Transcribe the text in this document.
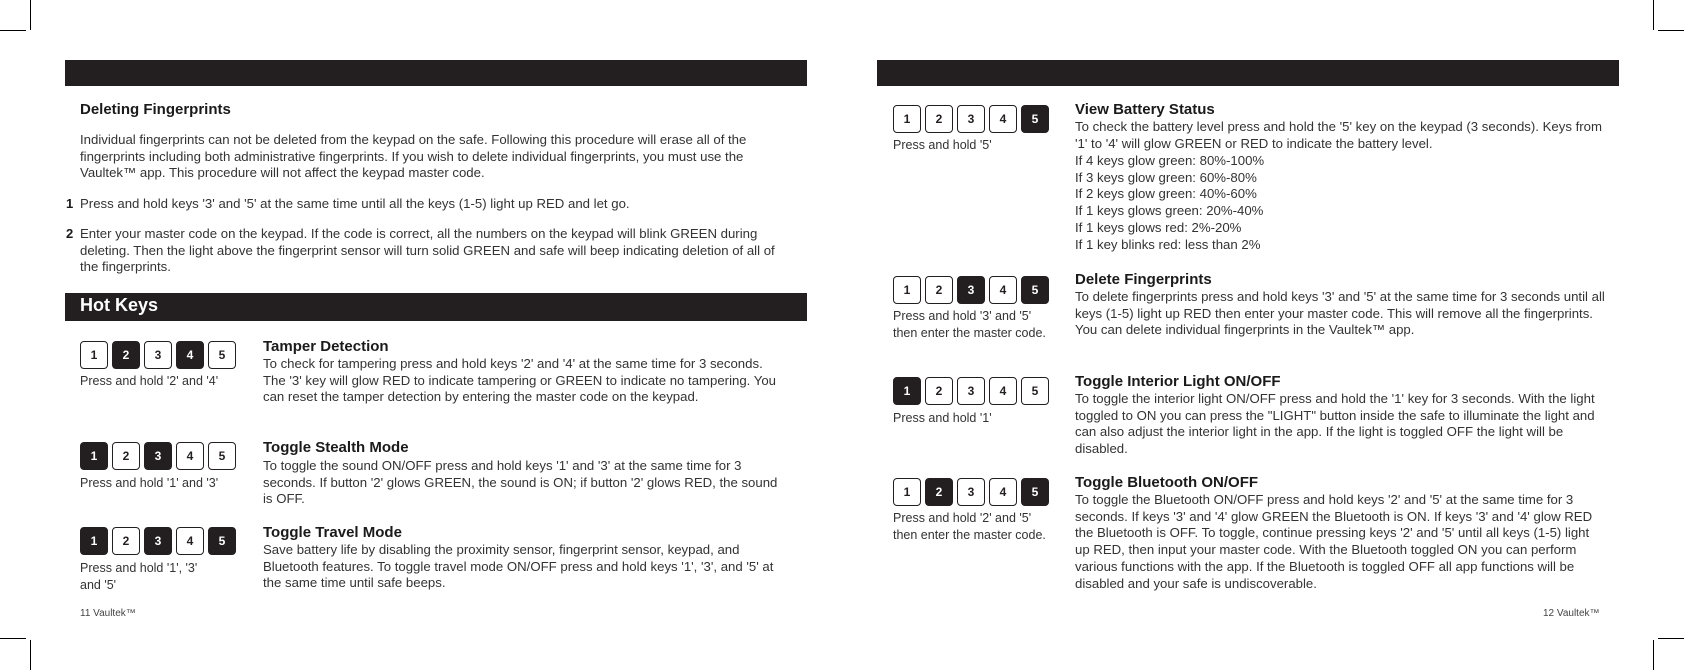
Deleting Fingerprints

Individual fingerprints can not be deleted from the keypad on the safe. Following this procedure will erase all of the fingerprints including both administrative fingerprints. If you wish to delete individual fingerprints, you must use the Vaultek™ app. This procedure will not affect the keypad master code.

1 Press and hold keys '3' and '5' at the same time until all the keys (1-5) light up RED and let go.

2 Enter your master code on the keypad. If the code is correct, all the numbers on the keypad will blink GREEN during deleting. Then the light above the fingerprint sensor will turn solid GREEN and safe will beep indicating deletion of all of the fingerprints.

Hot Keys
1	2	3	4	5

Press and hold '2' and '4'

Tamper Detection

To check for tampering press and hold keys '2' and '4' at the same time for 3 seconds. The '3' key will glow RED to indicate tampering or GREEN to indicate no tampering. You can reset the tamper detection by entering the master code on the keypad.

1	2	3	4	5

Press and hold '1' and '3'

Toggle Stealth Mode

To toggle the sound ON/OFF press and hold keys '1' and '3' at the same time for 3 seconds. If button '2' glows GREEN, the sound is ON; if button '2' glows RED, the sound is OFF.

1	2	3	4	5

Press and hold '1', '3' and '5'

Toggle Travel Mode

Save battery life by disabling the proximity sensor, fingerprint sensor, keypad, and Bluetooth features. To toggle travel mode ON/OFF press and hold keys '1', '3', and '5' at the same time until safe beeps.

11 Vaultek™
1	2	3	4	5

Press and hold '5'

View Battery Status

To check the battery level press and hold the '5' key on the keypad (3 seconds). Keys from '1' to '4' will glow GREEN or RED to indicate the battery level.

If 4 keys glow green: 80%-100%
If 3 keys glow green: 60%-80%
If 2 keys glow green: 40%-60%
If 1 keys glows green: 20%-40%
If 1 keys glows red: 2%-20%
If 1 key blinks red: less than 2%
1	2	3	4	5

Press and hold '3' and '5' then enter the master code.

Delete Fingerprints

To delete fingerprints press and hold keys '3' and '5' at the same time for 3 seconds until all keys (1-5) light up RED then enter your master code. This will remove all the fingerprints. You can delete individual fingerprints in the Vaultek™ app.

1	2	3	4	5

Press and hold '1'

Toggle Interior Light ON/OFF

To toggle the interior light ON/OFF press and hold the '1' key for 3 seconds. With the light toggled to ON you can press the "LIGHT" button inside the safe to illuminate the light and can also adjust the interior light in the app. If the light is toggled OFF the light will be disabled.

1	2	3	4	5

Press and hold '2' and '5' then enter the master code.

Toggle Bluetooth ON/OFF

To toggle the Bluetooth ON/OFF press and hold keys '2' and '5' at the same time for 3 seconds. If keys '3' and '4' glow GREEN the Bluetooth is ON. If keys '3' and '4' glow RED the Bluetooth is OFF. To toggle, continue pressing keys '2' and '5' until all keys (1-5) light up RED, then input your master code. With the Bluetooth toggled ON you can perform various functions with the app. If the Bluetooth is toggled OFF all app functions will be disabled and your safe is undiscoverable.

12 Vaultek™
